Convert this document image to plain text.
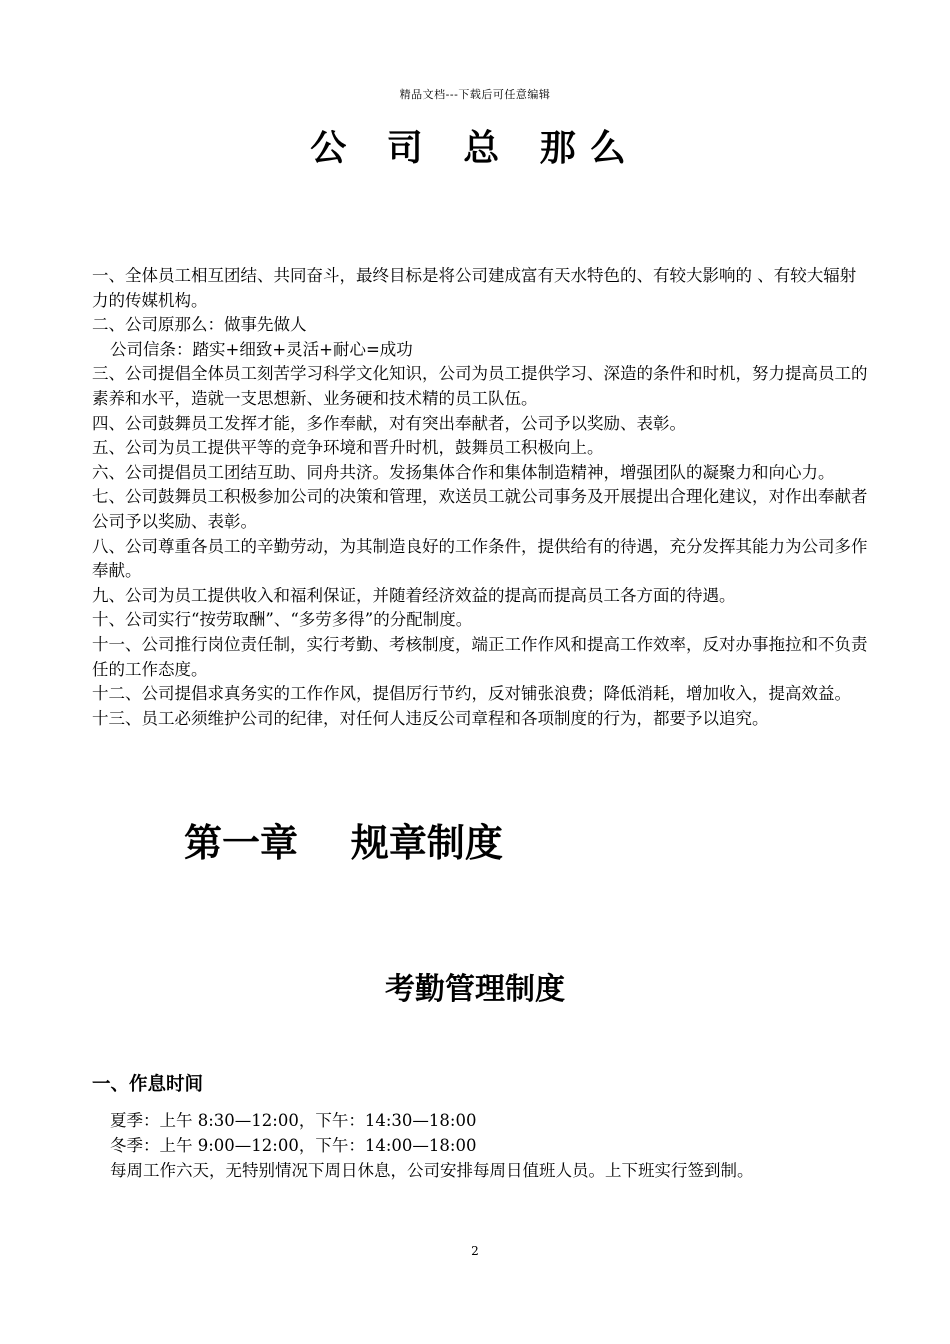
精品文档---下载后可任意编辑
公 司 总 那么

一、全体员工相互团结、共同奋斗，最终目标是将公司建成富有天水特色的、有较大影响的 、有较大辐射力的传媒机构。

二、公司原那么：做事先做人

公司信条：踏实+细致+灵活+耐心=成功

三、公司提倡全体员工刻苦学习科学文化知识，公司为员工提供学习、深造的条件和时机，努力提高员工的素养和水平，造就一支思想新、业务硬和技术精的员工队伍。

四、公司鼓舞员工发挥才能，多作奉献，对有突出奉献者，公司予以奖励、表彰。

五、公司为员工提供平等的竞争环境和晋升时机，鼓舞员工积极向上。

六、公司提倡员工团结互助、同舟共济。发扬集体合作和集体制造精神，增强团队的凝聚力和向心力。

七、公司鼓舞员工积极参加公司的决策和管理，欢送员工就公司事务及开展提出合理化建议，对作出奉献者公司予以奖励、表彰。

八、公司尊重各员工的辛勤劳动，为其制造良好的工作条件，提供给有的待遇，充分发挥其能力为公司多作奉献。

九、公司为员工提供收入和福利保证，并随着经济效益的提高而提高员工各方面的待遇。

十、公司实行“按劳取酬”、“多劳多得”的分配制度。

十一、公司推行岗位责任制，实行考勤、考核制度，端正工作作风和提高工作效率，反对办事拖拉和不负责任的工作态度。

十二、公司提倡求真务实的工作作风，提倡厉行节约，反对铺张浪费；降低消耗，增加收入，提高效益。

十三、员工必须维护公司的纪律，对任何人违反公司章程和各项制度的行为，都要予以追究。

第一章    规章制度
考勤管理制度
一、作息时间

夏季：上午 8:30—12:00，下午：14:30—18:00

冬季：上午 9:00—12:00，下午：14:00—18:00

每周工作六天，无特别情况下周日休息，公司安排每周日值班人员。上下班实行签到制。

2
